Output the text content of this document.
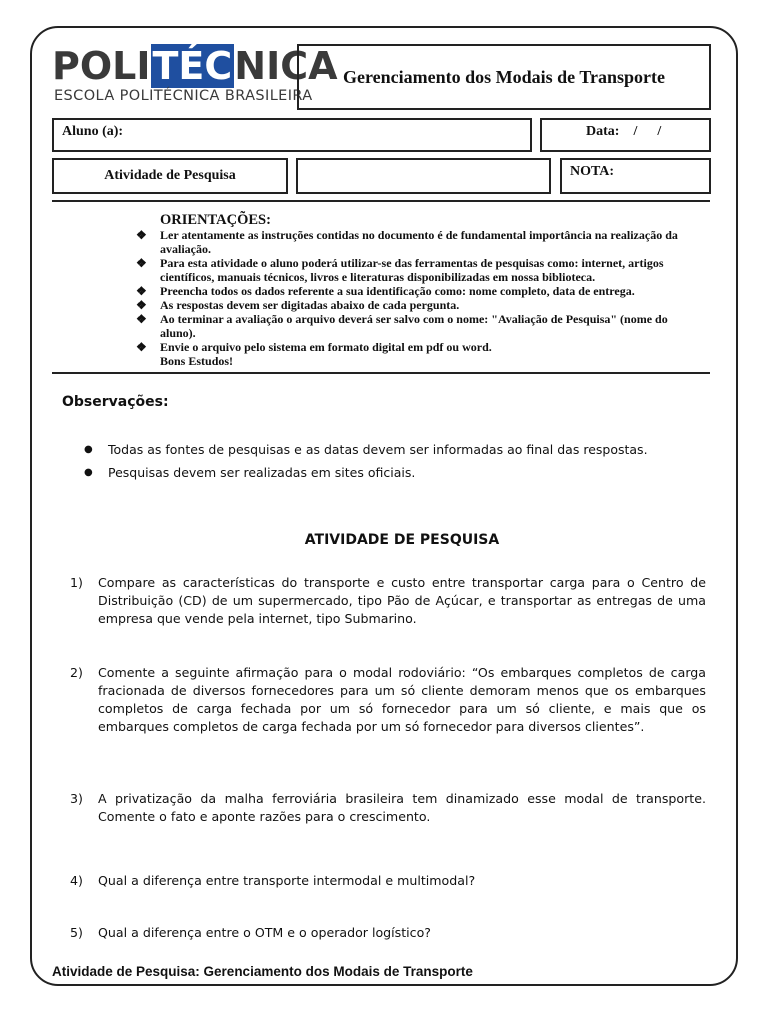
POLITÉCNICA
ESCOLA POLITÉCNICA BRASILEIRA
Gerenciamento dos Modais de Transporte
Aluno (a):	Data: / /
Atividade de Pesquisa	NOTA:
ORIENTAÇÕES:
❖ Ler atentamente as instruções contidas no documento é de fundamental importância na realização da avaliação.
❖ Para esta atividade o aluno poderá utilizar-se das ferramentas de pesquisas como: internet, artigos científicos, manuais técnicos, livros e literaturas disponibilizadas em nossa biblioteca.
❖ Preencha todos os dados referente a sua identificação como: nome completo, data de entrega.
❖ As respostas devem ser digitadas abaixo de cada pergunta.
❖ Ao terminar a avaliação o arquivo deverá ser salvo com o nome: "Avaliação de Pesquisa" (nome do aluno).
❖ Envie o arquivo pelo sistema em formato digital em pdf ou word.
Bons Estudos!
Observações:
● Todas as fontes de pesquisas e as datas devem ser informadas ao final das respostas.
● Pesquisas devem ser realizadas em sites oficiais.
ATIVIDADE DE PESQUISA
1) Compare as características do transporte e custo entre transportar carga para o Centro de Distribuição (CD) de um supermercado, tipo Pão de Açúcar, e transportar as entregas de uma empresa que vende pela internet, tipo Submarino.
2) Comente a seguinte afirmação para o modal rodoviário: “Os embarques completos de carga fracionada de diversos fornecedores para um só cliente demoram menos que os embarques completos de carga fechada por um só fornecedor para um só cliente, e mais que os embarques completos de carga fechada por um só fornecedor para diversos clientes”.
3) A privatização da malha ferroviária brasileira tem dinamizado esse modal de transporte. Comente o fato e aponte razões para o crescimento.
4) Qual a diferença entre transporte intermodal e multimodal?
5) Qual a diferença entre o OTM e o operador logístico?
Atividade de Pesquisa: Gerenciamento dos Modais de Transporte
